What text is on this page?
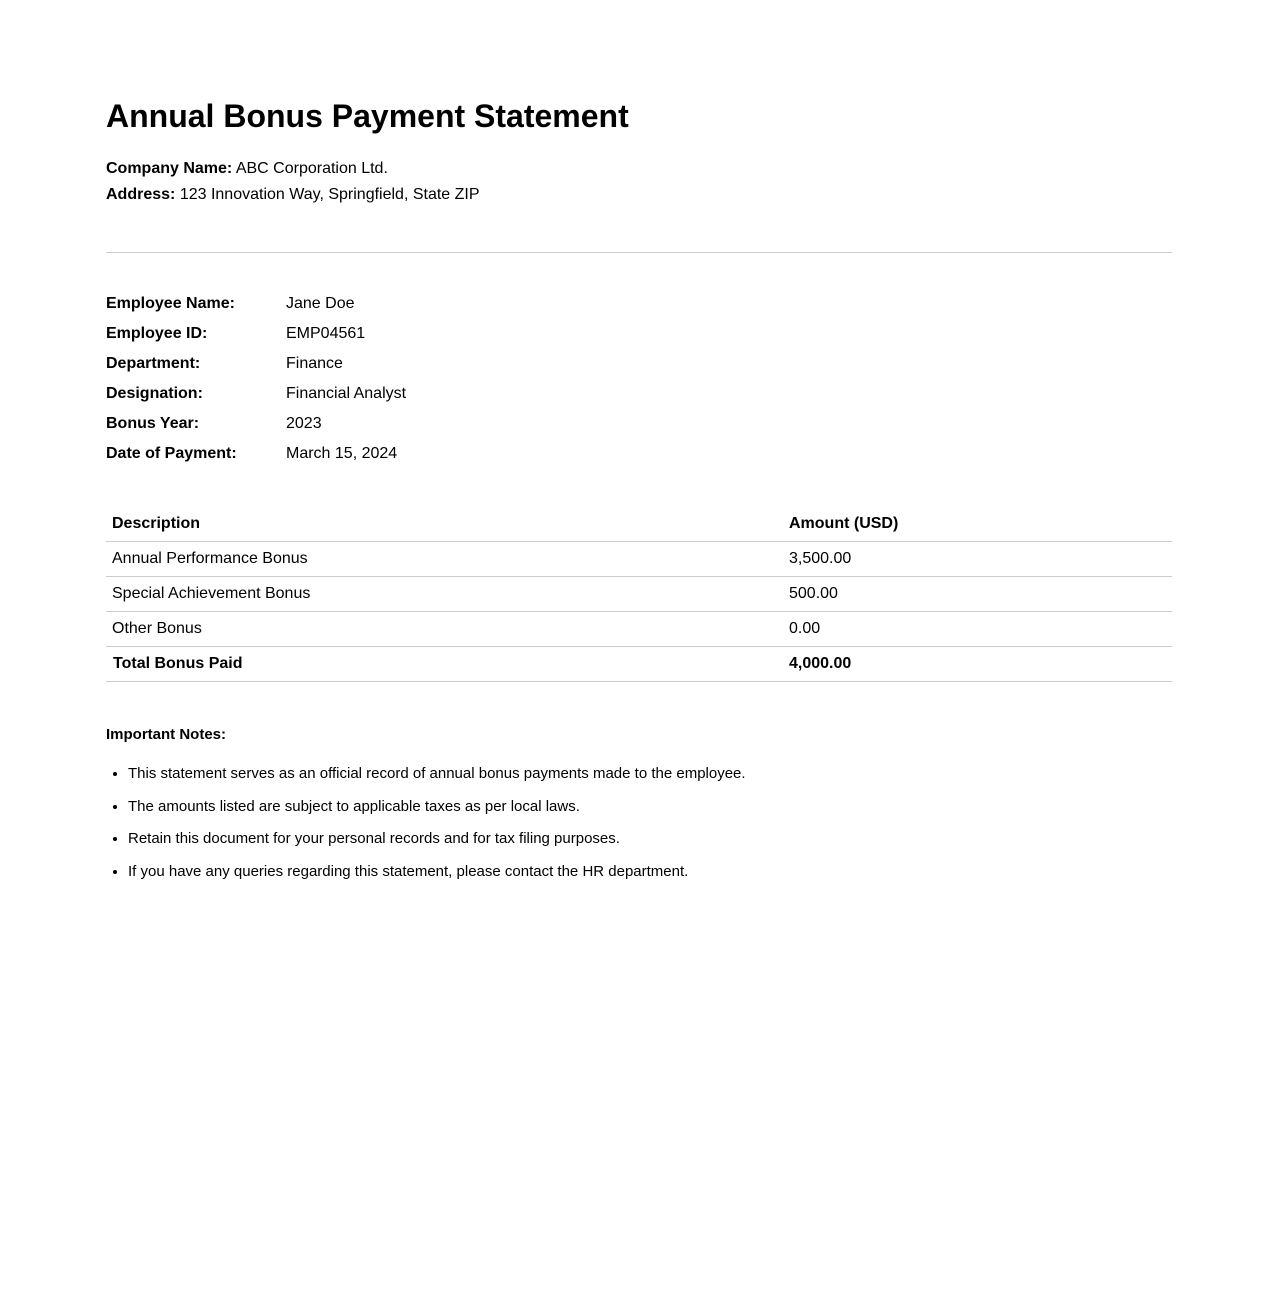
Annual Bonus Payment Statement
Company Name: ABC Corporation Ltd.
Address: 123 Innovation Way, Springfield, State ZIP
Employee Name:	Jane Doe
Employee ID:	EMP04561
Department:	Finance
Designation:	Financial Analyst
Bonus Year:	2023
Date of Payment:	March 15, 2024
Description	Amount (USD)
Annual Performance Bonus	3,500.00
Special Achievement Bonus	500.00
Other Bonus	0.00
Total Bonus Paid	4,000.00
Important Notes:
• This statement serves as an official record of annual bonus payments made to the employee.
• The amounts listed are subject to applicable taxes as per local laws.
• Retain this document for your personal records and for tax filing purposes.
• If you have any queries regarding this statement, please contact the HR department.
